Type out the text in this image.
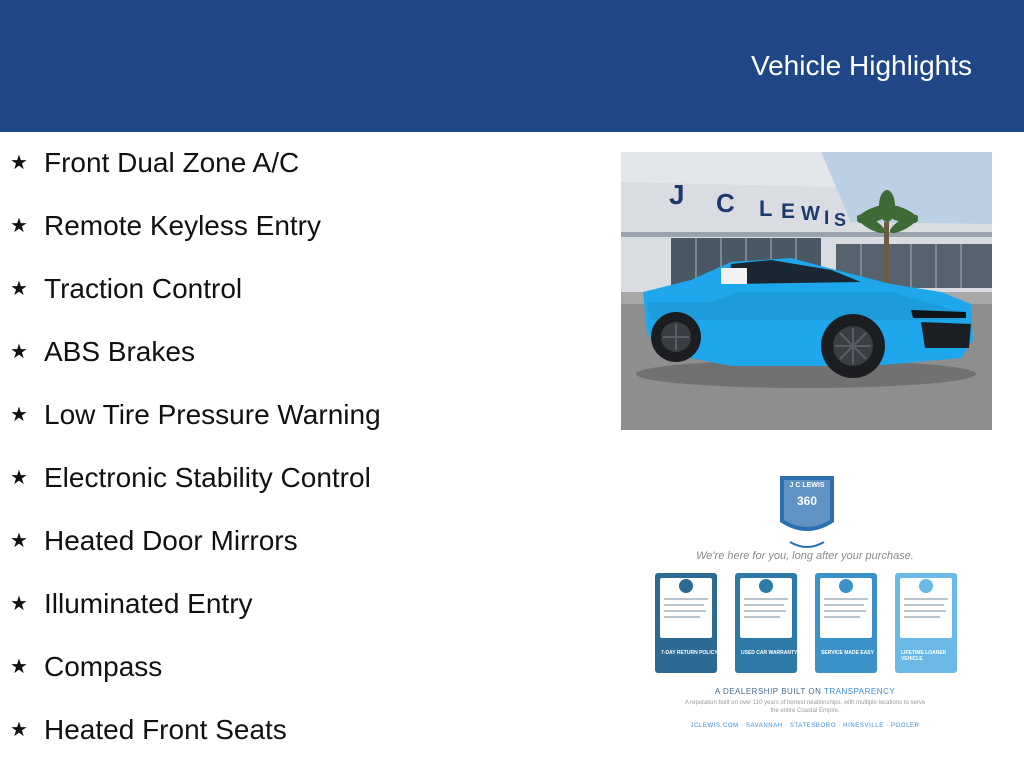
Vehicle Highlights
★ Front Dual Zone A/C
★ Remote Keyless Entry
★ Traction Control
★ ABS Brakes
★ Low Tire Pressure Warning
★ Electronic Stability Control
★ Heated Door Mirrors
★ Illuminated Entry
★ Compass
★ Heated Front Seats
J C L E W I S
J C LEWIS
360
We're here for you, long after your purchase.
7-DAY RETURN POLICY	USED CAR WARRANTY	SERVICE MADE EASY	LIFETIME LOANER VEHICLE
A DEALERSHIP BUILT ON TRANSPARENCY
A reputation built on over 110 years of honest relationships, with multiple locations to serve the entire Coastal Empire.
JCLEWIS.COM · SAVANNAH · STATESBORO · HINESVILLE · POOLER
